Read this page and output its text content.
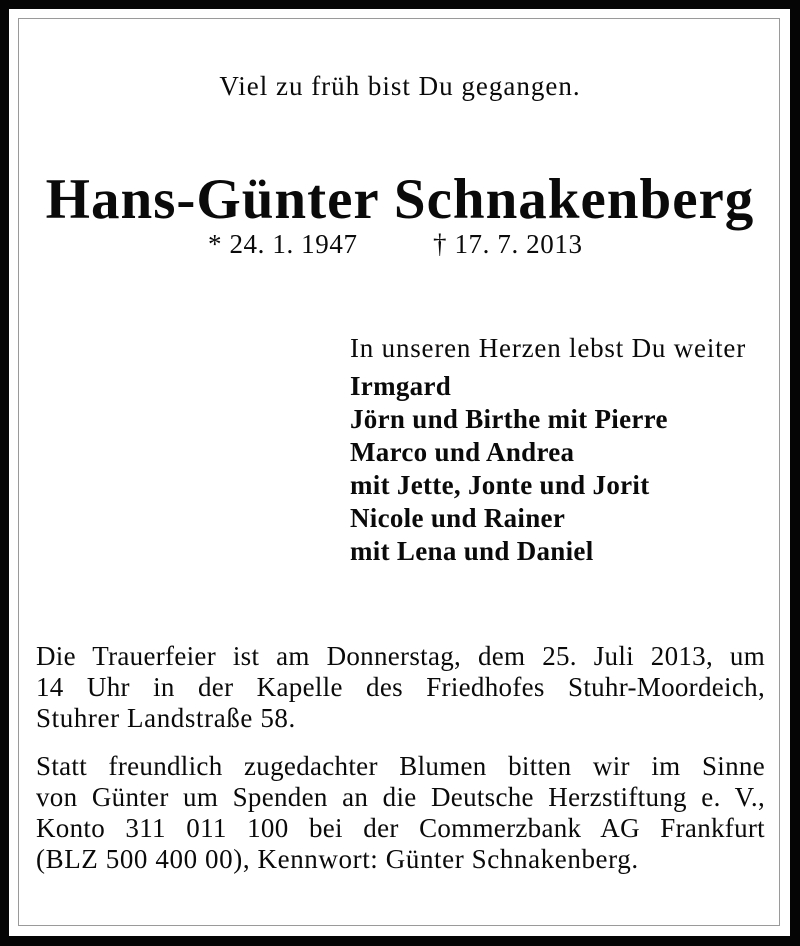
Viel zu früh bist Du gegangen.
Hans-Günter Schnakenberg
* 24. 1. 1947	† 17. 7. 2013
In unseren Herzen lebst Du weiter
Irmgard
Jörn und Birthe mit Pierre
Marco und Andrea
mit Jette, Jonte und Jorit
Nicole und Rainer
mit Lena und Daniel
Die Trauerfeier ist am Donnerstag, dem 25. Juli 2013, um
14 Uhr in der Kapelle des Friedhofes Stuhr-Moordeich,
Stuhrer Landstraße 58.
Statt freundlich zugedachter Blumen bitten wir im Sinne
von Günter um Spenden an die Deutsche Herzstiftung e. V.,
Konto 311 011 100 bei der Commerzbank AG Frankfurt
(BLZ 500 400 00), Kennwort: Günter Schnakenberg.
